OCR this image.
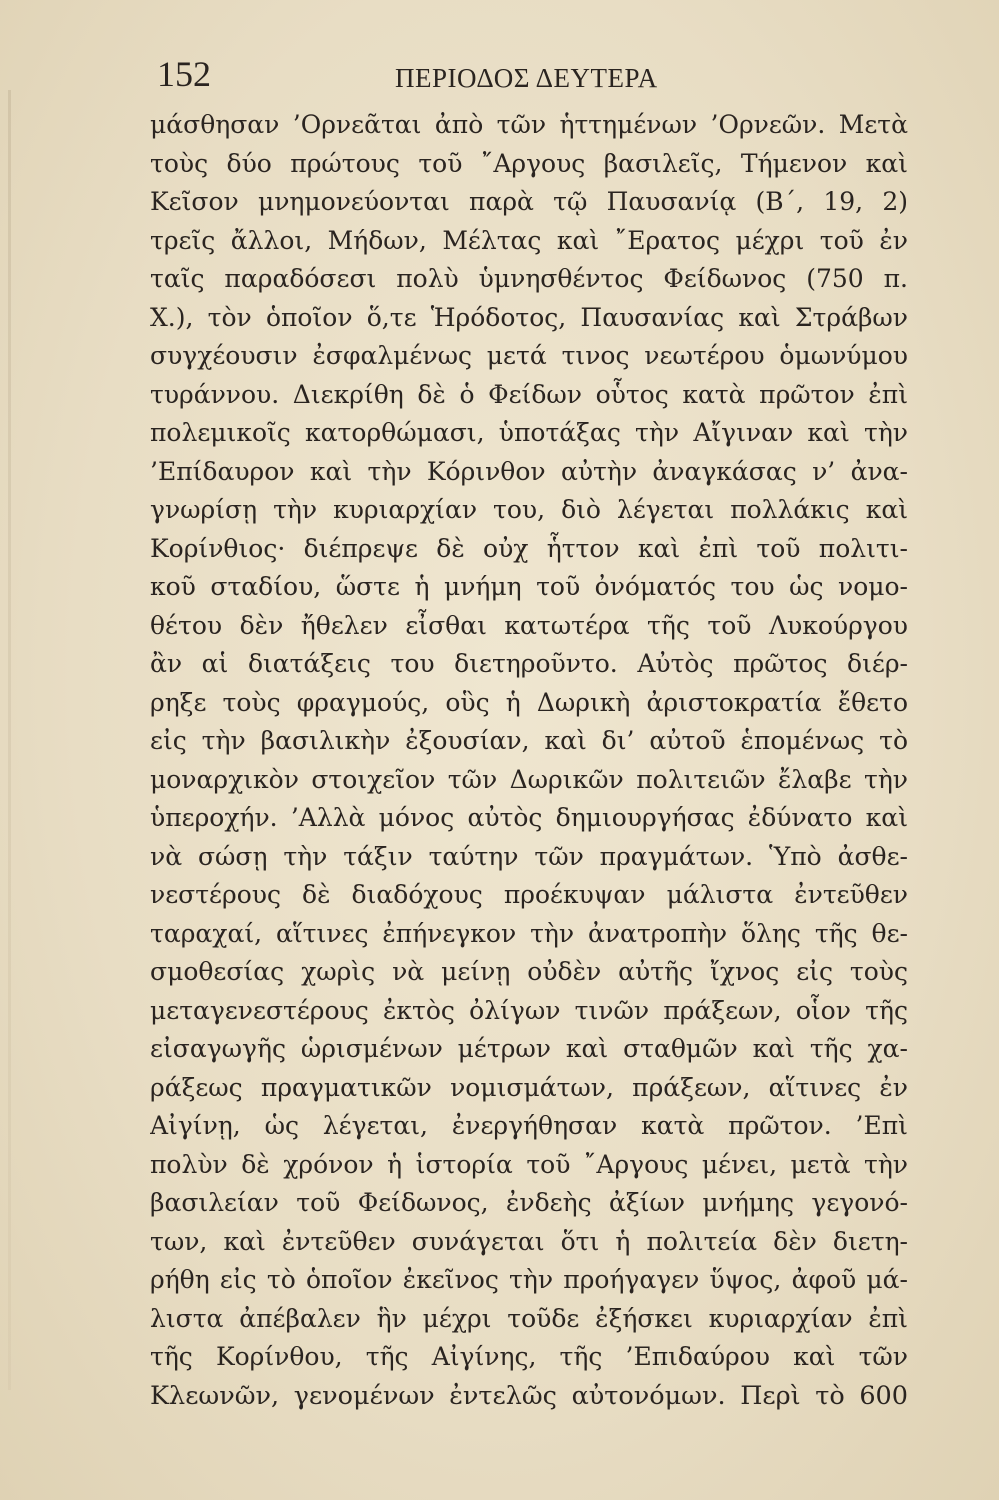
152	ΠΕΡΙΟΔΟΣ ΔΕΥΤΕΡΑ
μάσθησαν ’Ορνεᾶται ἀπὸ τῶν ἡττημένων ’Ορνεῶν. Μετὰ
τοὺς δύο πρώτους τοῦ ῎Αργους βασιλεῖς, Τήμενον καὶ
Κεῖσον μνημονεύονται παρὰ τῷ Παυσανίᾳ (Β΄, 19, 2)
τρεῖς ἄλλοι, Μήδων, Μέλτας καὶ ῎Ερατος μέχρι τοῦ ἐν
ταῖς παραδόσεσι πολὺ ὑμνησθέντος Φείδωνος (750 π.
Χ.), τὸν ὁποῖον ὅ,τε Ἡρόδοτος, Παυσανίας καὶ Στράβων
συγχέουσιν ἐσφαλμένως μετά τινος νεωτέρου ὁμωνύμου
τυράννου. Διεκρίθη δὲ ὁ Φείδων οὗτος κατὰ πρῶτον ἐπὶ
πολεμικοῖς κατορθώμασι, ὑποτάξας τὴν Αἴγιναν καὶ τὴν
’Επίδαυρον καὶ τὴν Κόρινθον αὐτὴν ἀναγκάσας ν’ ἀνα-
γνωρίσῃ τὴν κυριαρχίαν του, διὸ λέγεται πολλάκις καὶ
Κορίνθιος· διέπρεψε δὲ οὐχ ἧττον καὶ ἐπὶ τοῦ πολιτι-
κοῦ σταδίου, ὥστε ἡ μνήμη τοῦ ὀνόματός του ὡς νομο-
θέτου δὲν ἤθελεν εἶσθαι κατωτέρα τῆς τοῦ Λυκούργου
ἂν αἱ διατάξεις του διετηροῦντο. Αὐτὸς πρῶτος διέρ-
ρηξε τοὺς φραγμούς, οὓς ἡ Δωρικὴ ἀριστοκρατία ἔθετο
εἰς τὴν βασιλικὴν ἐξουσίαν, καὶ δι’ αὐτοῦ ἑπομένως τὸ
μοναρχικὸν στοιχεῖον τῶν Δωρικῶν πολιτειῶν ἔλαβε τὴν
ὑπεροχήν. ’Αλλὰ μόνος αὐτὸς δημιουργήσας ἐδύνατο καὶ
νὰ σώσῃ τὴν τάξιν ταύτην τῶν πραγμάτων. Ὑπὸ ἀσθε-
νεστέρους δὲ διαδόχους προέκυψαν μάλιστα ἐντεῦθεν
ταραχαί, αἵτινες ἐπήνεγκον τὴν ἀνατροπὴν ὅλης τῆς θε-
σμοθεσίας χωρὶς νὰ μείνῃ οὐδὲν αὐτῆς ἴχνος εἰς τοὺς
μεταγενεστέρους ἐκτὸς ὀλίγων τινῶν πράξεων, οἷον τῆς
εἰσαγωγῆς ὡρισμένων μέτρων καὶ σταθμῶν καὶ τῆς χα-
ράξεως πραγματικῶν νομισμάτων, πράξεων, αἵτινες ἐν
Αἰγίνῃ, ὡς λέγεται, ἐνεργήθησαν κατὰ πρῶτον. ’Επὶ
πολὺν δὲ χρόνον ἡ ἱστορία τοῦ ῎Αργους μένει, μετὰ τὴν
βασιλείαν τοῦ Φείδωνος, ἐνδεὴς ἀξίων μνήμης γεγονό-
των, καὶ ἐντεῦθεν συνάγεται ὅτι ἡ πολιτεία δὲν διετη-
ρήθη εἰς τὸ ὁποῖον ἐκεῖνος τὴν προήγαγεν ὕψος, ἀφοῦ μά-
λιστα ἀπέβαλεν ἣν μέχρι τοῦδε ἐξήσκει κυριαρχίαν ἐπὶ
τῆς Κορίνθου, τῆς Αἰγίνης, τῆς ’Επιδαύρου καὶ τῶν
Κλεωνῶν, γενομένων ἐντελῶς αὐτονόμων. Περὶ τὸ 600
